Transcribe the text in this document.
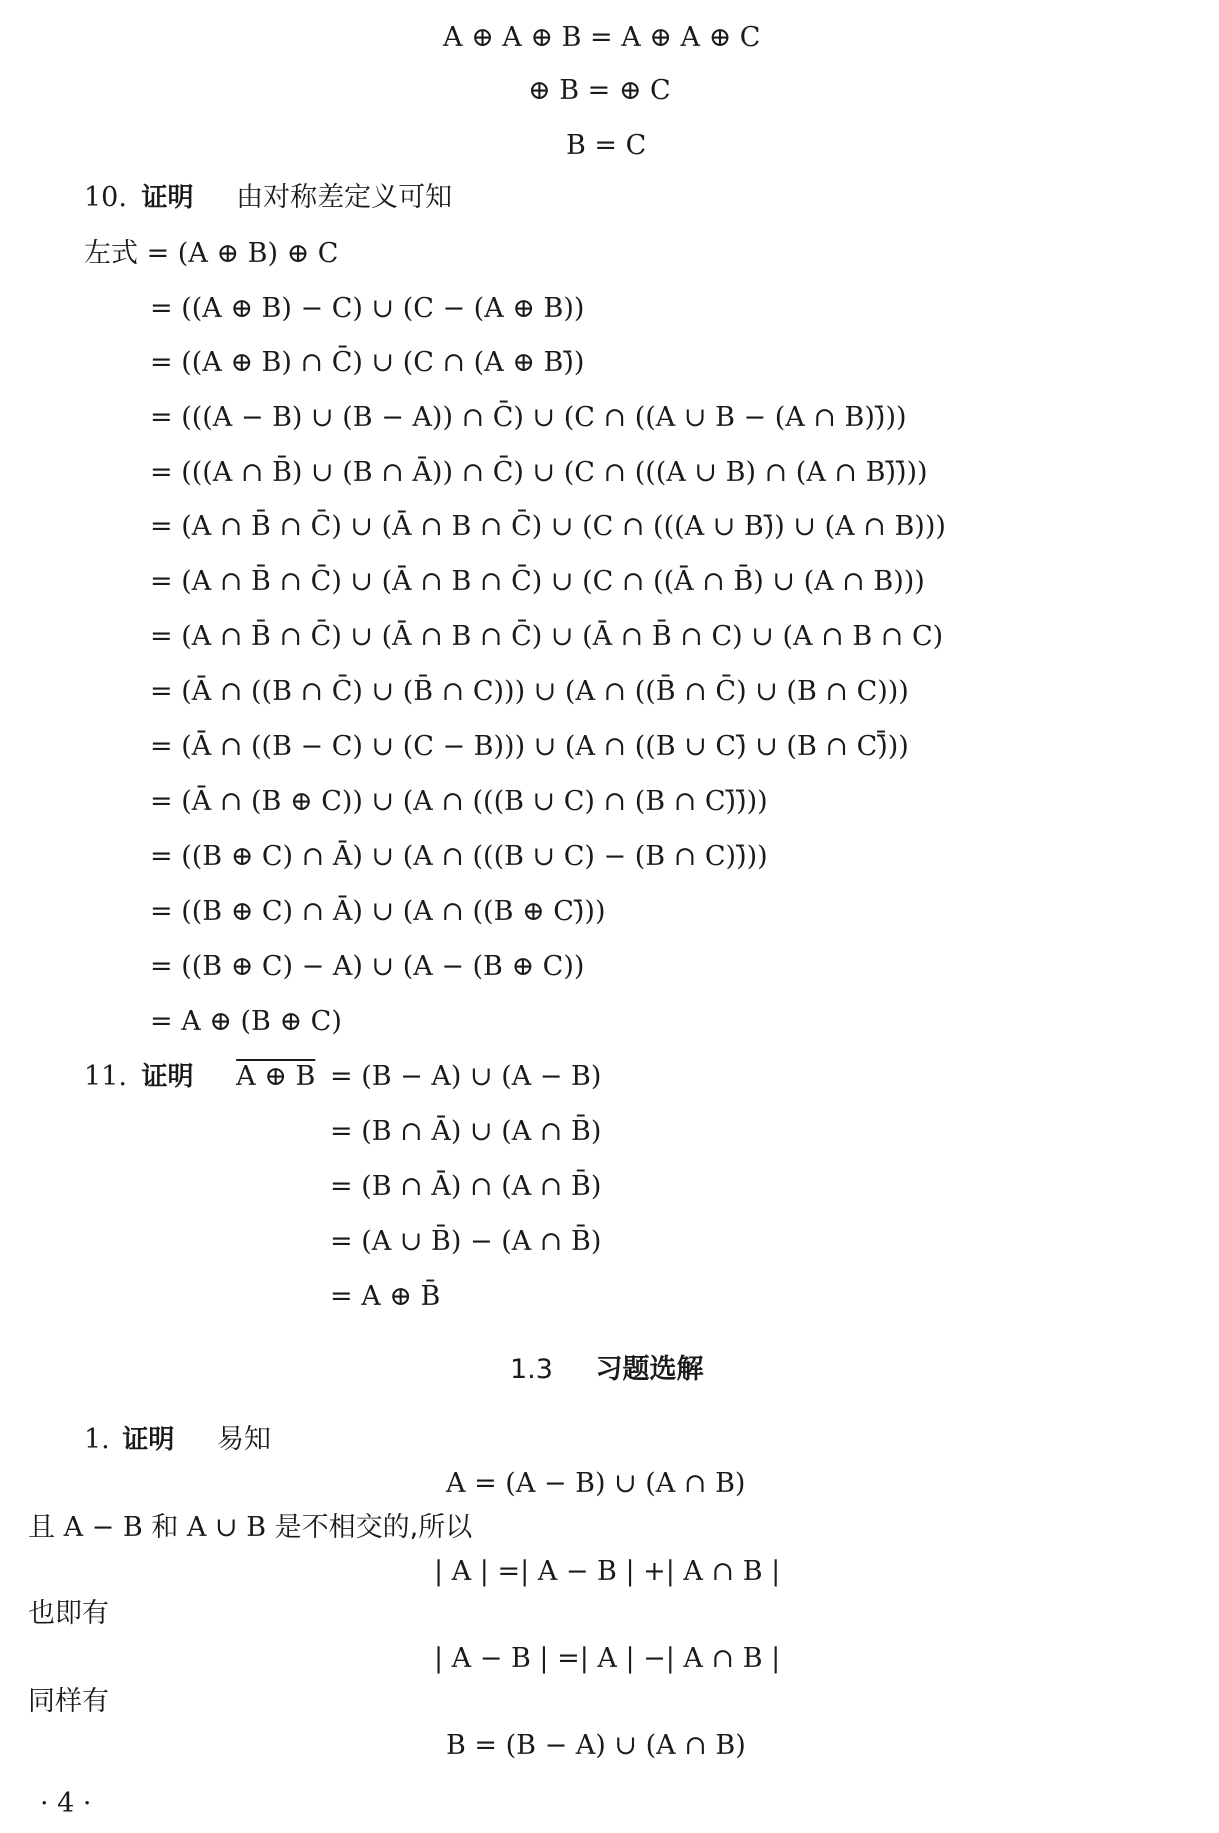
A ⊕ A ⊕ B = A ⊕ A ⊕ C
⊕ B = ⊕ C
B = C
10. 证明 由对称差定义可知
左式 = (A ⊕ B) ⊕ C
= ((A ⊕ B) − C) ∪ (C − (A ⊕ B))
= ((A ⊕ B) ∩ C̄) ∪ (C ∩ (A ⊕ B)̄)
= (((A − B) ∪ (B − A)) ∩ C̄) ∪ (C ∩ ((A ∪ B − (A ∩ B))̄))
= (((A ∩ B̄) ∪ (B ∩ Ā)) ∩ C̄) ∪ (C ∩ (((A ∪ B) ∩ (A ∩ B)̄)̄))
= (A ∩ B̄ ∩ C̄) ∪ (Ā ∩ B ∩ C̄) ∪ (C ∩ (((A ∪ B)̄) ∪ (A ∩ B)))
= (A ∩ B̄ ∩ C̄) ∪ (Ā ∩ B ∩ C̄) ∪ (C ∩ ((Ā ∩ B̄) ∪ (A ∩ B)))
= (A ∩ B̄ ∩ C̄) ∪ (Ā ∩ B ∩ C̄) ∪ (Ā ∩ B̄ ∩ C) ∪ (A ∩ B ∩ C)
= (Ā ∩ ((B ∩ C̄) ∪ (B̄ ∩ C))) ∪ (A ∩ ((B̄ ∩ C̄) ∪ (B ∩ C)))
= (Ā ∩ ((B − C) ∪ (C − B))) ∪ (A ∩ ((B ∪ C)̄ ∪ (B ∩ C)̄̄))
= (Ā ∩ (B ⊕ C)) ∪ (A ∩ (((B ∪ C) ∩ (B ∩ C)̄)̄))
= ((B ⊕ C) ∩ Ā) ∪ (A ∩ (((B ∪ C) − (B ∩ C))̄))
= ((B ⊕ C) ∩ Ā) ∪ (A ∩ ((B ⊕ C)̄))
= ((B ⊕ C) − A) ∪ (A − (B ⊕ C))
= A ⊕ (B ⊕ C)
11. 证明 A ⊕ B = (B − A) ∪ (A − B)
= (B ∩ Ā) ∪ (A ∩ B̄)
= (B ∩ Ā) ∩ (A ∩ B̄)
= (A ∪ B̄) − (A ∩ B̄)
= A ⊕ B̄
1.3 习题选解
1. 证明 易知
A = (A − B) ∪ (A ∩ B)
且 A − B 和 A ∪ B 是不相交的,所以
| A | =| A − B | +| A ∩ B |
也即有
| A − B | =| A | −| A ∩ B |
同样有
B = (B − A) ∪ (A ∩ B)
· 4 ·
